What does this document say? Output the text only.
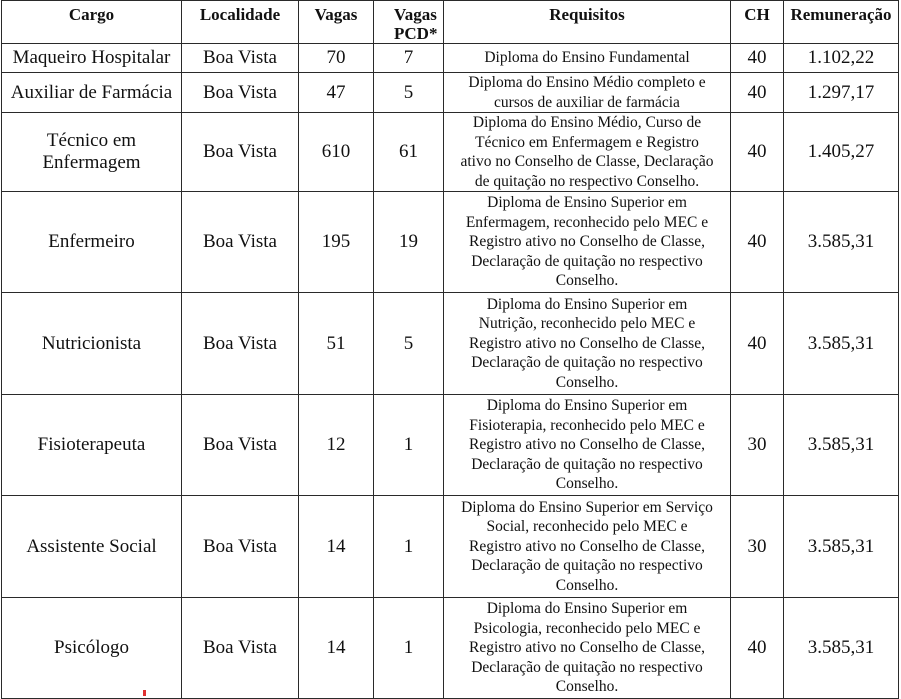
Cargo	Localidade	Vagas	Vagas PCD*	Requisitos	CH	Remuneração

Maqueiro Hospitalar	Boa Vista	70	7	Diploma do Ensino Fundamental	40	1.102,22

Auxiliar de Farmácia	Boa Vista	47	5	Diploma do Ensino Médio completo e
cursos de auxiliar de farmácia	40	1.297,17

Técnico em
Enfermagem	Boa Vista	610	61	Diploma do Ensino Médio, Curso de
Técnico em Enfermagem e Registro
ativo no Conselho de Classe, Declaração
de quitação no respectivo Conselho.	40	1.405,27

Enfermeiro	Boa Vista	195	19	Diploma de Ensino Superior em
Enfermagem, reconhecido pelo MEC e
Registro ativo no Conselho de Classe,
Declaração de quitação no respectivo
Conselho.	40	3.585,31

Nutricionista	Boa Vista	51	5	Diploma do Ensino Superior em
Nutrição, reconhecido pelo MEC e
Registro ativo no Conselho de Classe,
Declaração de quitação no respectivo
Conselho.	40	3.585,31

Fisioterapeuta	Boa Vista	12	1	Diploma do Ensino Superior em
Fisioterapia, reconhecido pelo MEC e
Registro ativo no Conselho de Classe,
Declaração de quitação no respectivo
Conselho.	30	3.585,31

Assistente Social	Boa Vista	14	1	Diploma do Ensino Superior em Serviço
Social, reconhecido pelo MEC e
Registro ativo no Conselho de Classe,
Declaração de quitação no respectivo
Conselho.	30	3.585,31

Psicólogo	Boa Vista	14	1	Diploma do Ensino Superior em
Psicologia, reconhecido pelo MEC e
Registro ativo no Conselho de Classe,
Declaração de quitação no respectivo
Conselho.	40	3.585,31
